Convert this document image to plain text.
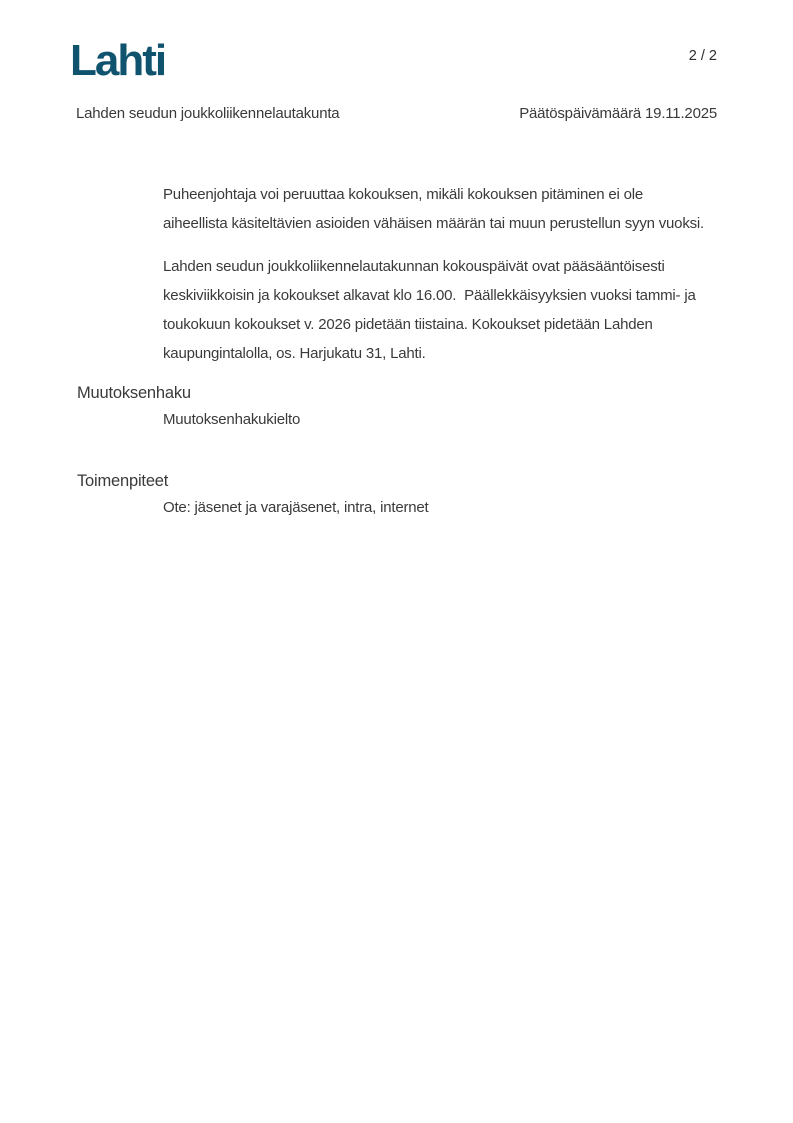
Lahti	2 / 2
Lahden seudun joukkoliikennelautakunta	Päätöspäivämäärä 19.11.2025

Puheenjohtaja voi peruuttaa kokouksen, mikäli kokouksen pitäminen ei ole
aiheellista käsiteltävien asioiden vähäisen määrän tai muun perustellun syyn vuoksi.

Lahden seudun joukkoliikennelautakunnan kokouspäivät ovat pääsääntöisesti
keskiviikkoisin ja kokoukset alkavat klo 16.00.  Päällekkäisyyksien vuoksi tammi- ja
toukokuun kokoukset v. 2026 pidetään tiistaina. Kokoukset pidetään Lahden
kaupungintalolla, os. Harjukatu 31, Lahti.

Muutoksenhaku
Muutoksenhakukielto
Toimenpiteet
Ote: jäsenet ja varajäsenet, intra, internet
